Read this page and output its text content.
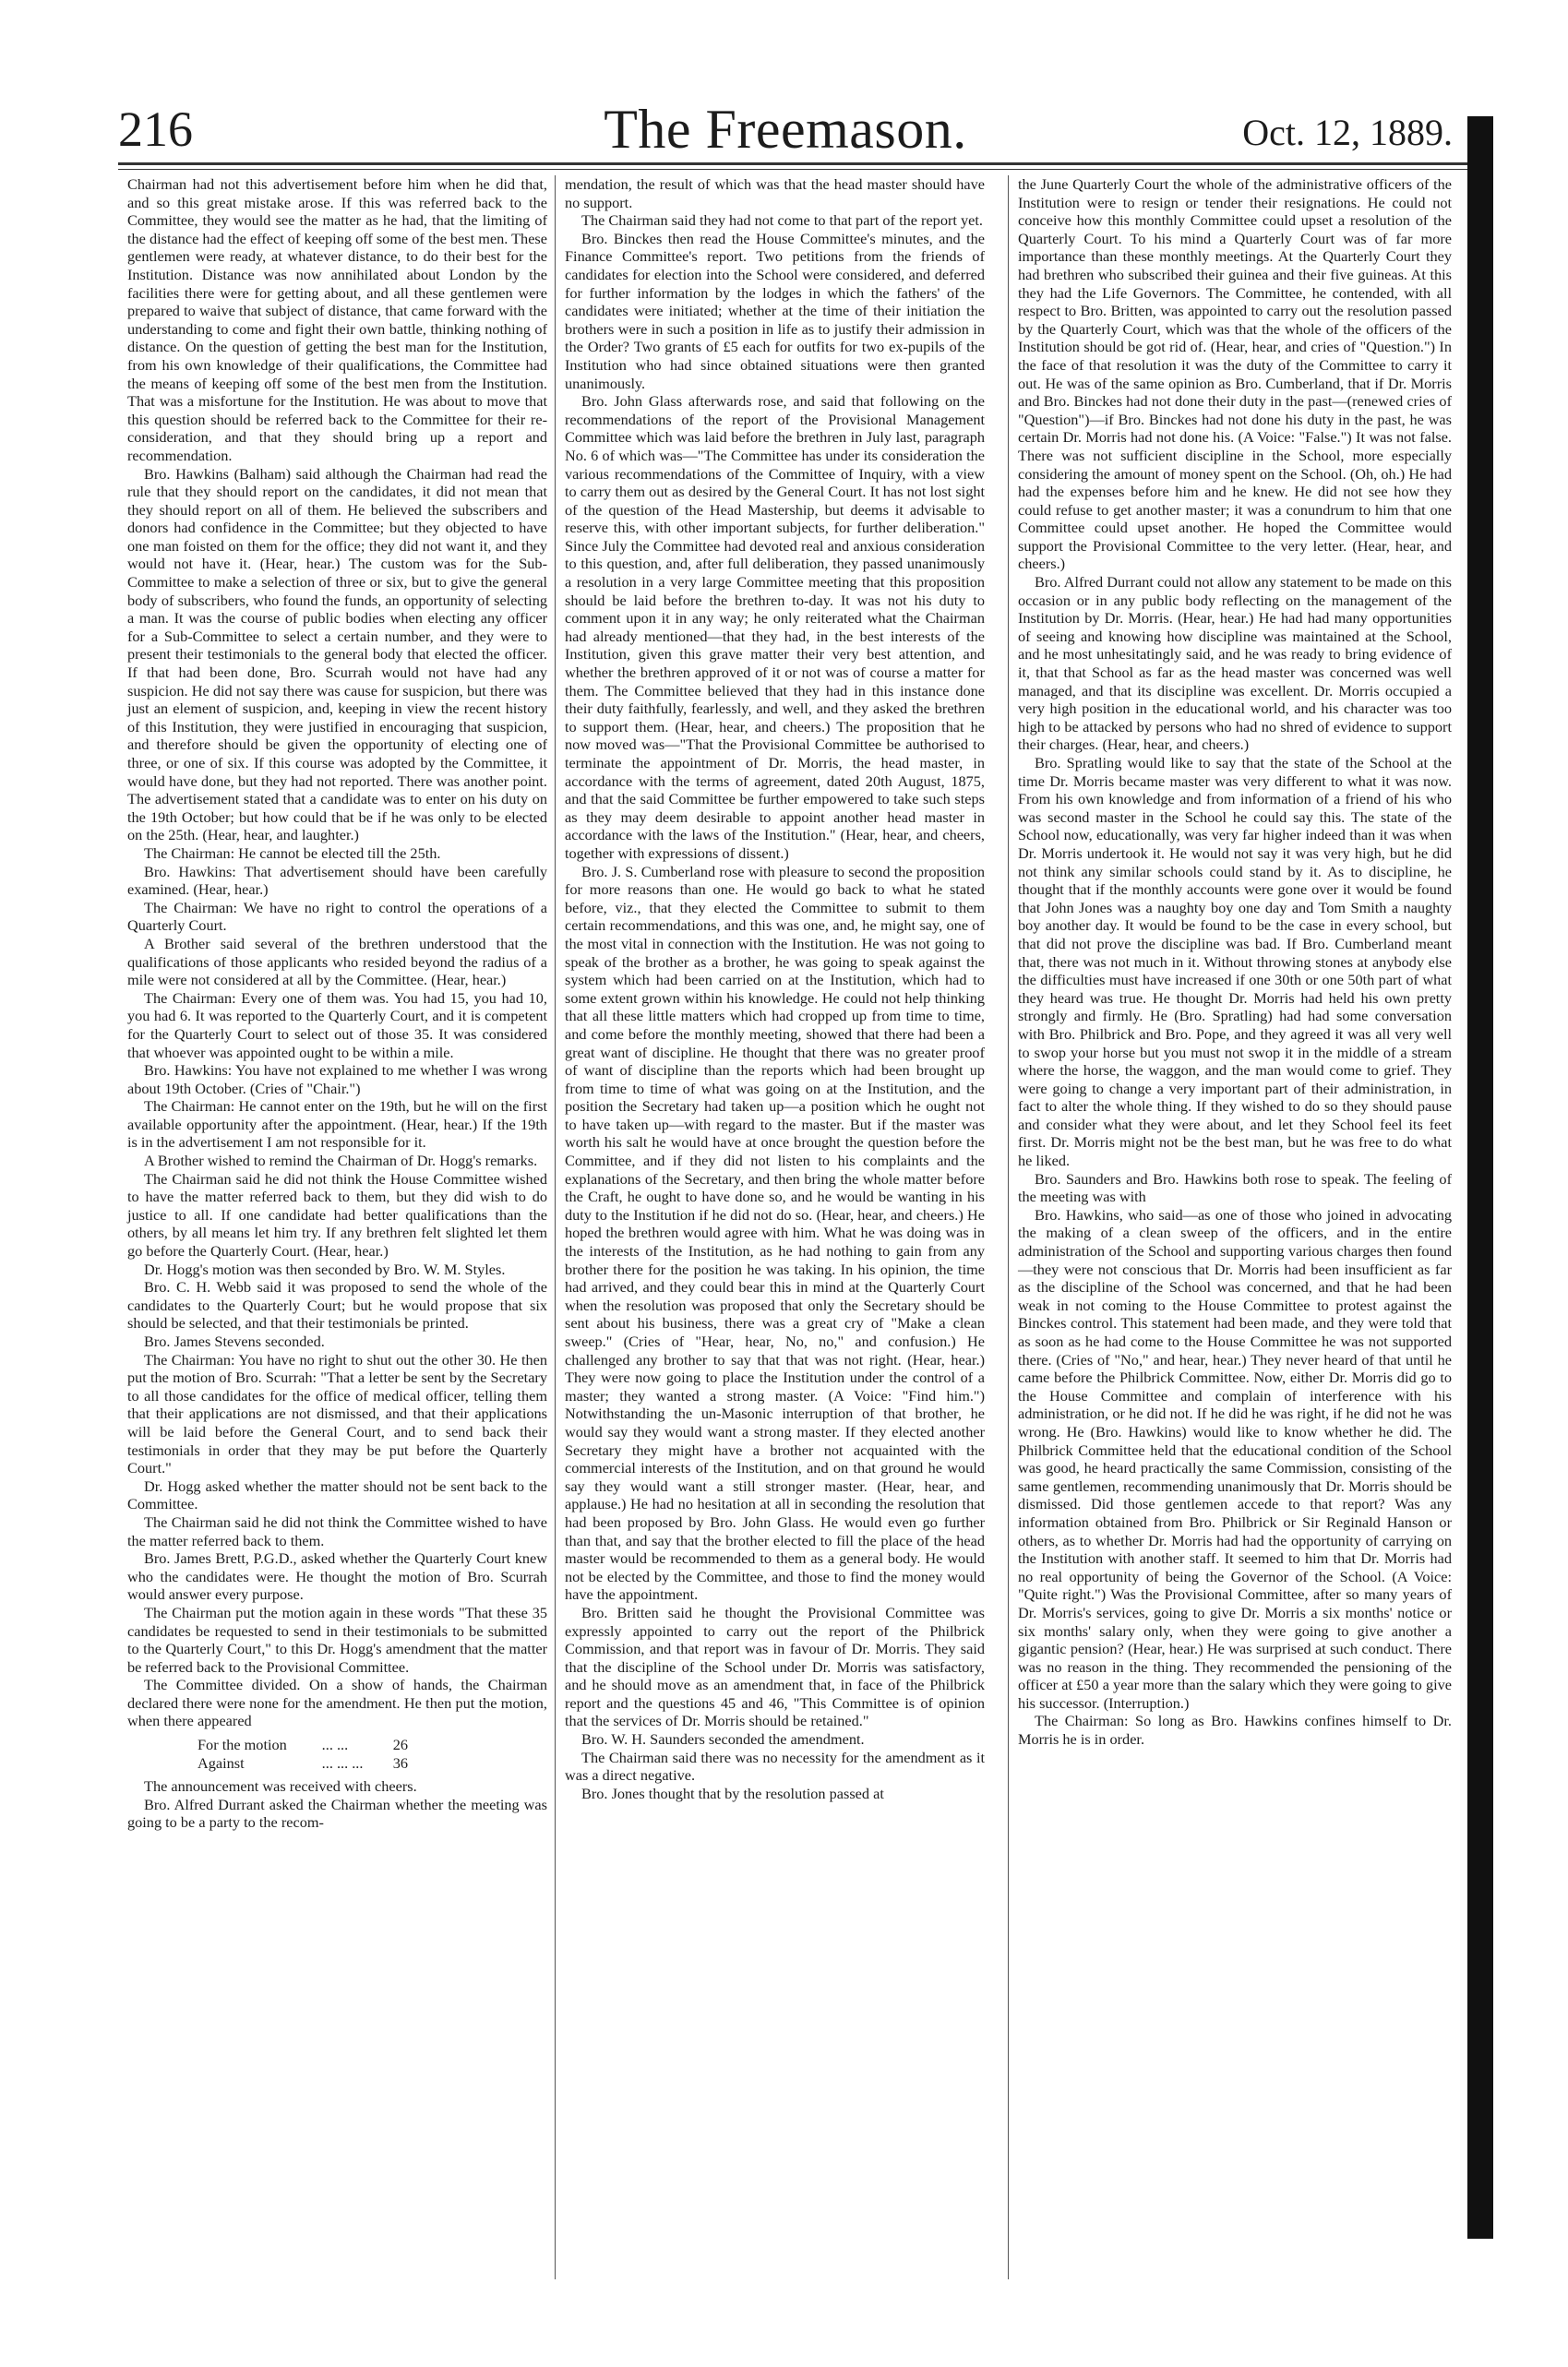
216	The Freemason.	Oct. 12, 1889.

Chairman had not this advertisement before him when he did that, and so this great mistake arose. If this was referred back to the Committee, they would see the matter as he had, that the limiting of the distance had the effect of keeping off some of the best men. These gentlemen were ready, at whatever distance, to do their best for the Institution. Distance was now annihilated about London by the facilities there were for getting about, and all these gentlemen were prepared to waive that subject of distance, that came forward with the understanding to come and fight their own battle, thinking nothing of distance. On the question of getting the best man for the Institution, from his own knowledge of their qualifications, the Committee had the means of keeping off some of the best men from the Institution. That was a misfortune for the Institution. He was about to move that this question should be referred back to the Committee for their re-consideration, and that they should bring up a report and recommendation.

Bro. Hawkins (Balham) said although the Chairman had read the rule that they should report on the candidates, it did not mean that they should report on all of them. He believed the subscribers and donors had confidence in the Committee; but they objected to have one man foisted on them for the office; they did not want it, and they would not have it. (Hear, hear.) The custom was for the Sub-Committee to make a selection of three or six, but to give the general body of subscribers, who found the funds, an opportunity of selecting a man. It was the course of public bodies when electing any officer for a Sub-Committee to select a certain number, and they were to present their testimonials to the general body that elected the officer. If that had been done, Bro. Scurrah would not have had any suspicion. He did not say there was cause for suspicion, but there was just an element of suspicion, and, keeping in view the recent history of this Institution, they were justified in encouraging that suspicion, and therefore should be given the opportunity of electing one of three, or one of six. If this course was adopted by the Committee, it would have done, but they had not reported. There was another point. The advertisement stated that a candidate was to enter on his duty on the 19th October; but how could that be if he was only to be elected on the 25th. (Hear, hear, and laughter.)

The Chairman: He cannot be elected till the 25th.

Bro. Hawkins: That advertisement should have been carefully examined. (Hear, hear.)

The Chairman: We have no right to control the operations of a Quarterly Court.

A Brother said several of the brethren understood that the qualifications of those applicants who resided beyond the radius of a mile were not considered at all by the Committee. (Hear, hear.)

The Chairman: Every one of them was. You had 15, you had 10, you had 6. It was reported to the Quarterly Court, and it is competent for the Quarterly Court to select out of those 35. It was considered that whoever was appointed ought to be within a mile.

Bro. Hawkins: You have not explained to me whether I was wrong about 19th October. (Cries of "Chair.")

The Chairman: He cannot enter on the 19th, but he will on the first available opportunity after the appointment. (Hear, hear.) If the 19th is in the advertisement I am not responsible for it.

A Brother wished to remind the Chairman of Dr. Hogg's remarks.

The Chairman said he did not think the House Committee wished to have the matter referred back to them, but they did wish to do justice to all. If one candidate had better qualifications than the others, by all means let him try. If any brethren felt slighted let them go before the Quarterly Court. (Hear, hear.)

Dr. Hogg's motion was then seconded by Bro. W. M. Styles.

Bro. C. H. Webb said it was proposed to send the whole of the candidates to the Quarterly Court; but he would propose that six should be selected, and that their testimonials be printed.

Bro. James Stevens seconded.

The Chairman: You have no right to shut out the other 30. He then put the motion of Bro. Scurrah: "That a letter be sent by the Secretary to all those candidates for the office of medical officer, telling them that their applications are not dismissed, and that their applications will be laid before the General Court, and to send back their testimonials in order that they may be put before the Quarterly Court."

Dr. Hogg asked whether the matter should not be sent back to the Committee.

The Chairman said he did not think the Committee wished to have the matter referred back to them.

Bro. James Brett, P.G.D., asked whether the Quarterly Court knew who the candidates were. He thought the motion of Bro. Scurrah would answer every purpose.

The Chairman put the motion again in these words "That these 35 candidates be requested to send in their testimonials to be submitted to the Quarterly Court," to this Dr. Hogg's amendment that the matter be referred back to the Provisional Committee.

The Committee divided. On a show of hands, the Chairman declared there were none for the amendment. He then put the motion, when there appeared

For the motion	... ...	26
Against	... ... ...	36

The announcement was received with cheers.

Bro. Alfred Durrant asked the Chairman whether the meeting was going to be a party to the recom-

mendation, the result of which was that the head master should have no support.

The Chairman said they had not come to that part of the report yet.

Bro. Binckes then read the House Committee's minutes, and the Finance Committee's report. Two petitions from the friends of candidates for election into the School were considered, and deferred for further information by the lodges in which the fathers' of the candidates were initiated; whether at the time of their initiation the brothers were in such a position in life as to justify their admission in the Order? Two grants of £5 each for outfits for two ex-pupils of the Institution who had since obtained situations were then granted unanimously.

Bro. John Glass afterwards rose, and said that following on the recommendations of the report of the Provisional Management Committee which was laid before the brethren in July last, paragraph No. 6 of which was—"The Committee has under its consideration the various recommendations of the Committee of Inquiry, with a view to carry them out as desired by the General Court. It has not lost sight of the question of the Head Mastership, but deems it advisable to reserve this, with other important subjects, for further deliberation." Since July the Committee had devoted real and anxious consideration to this question, and, after full deliberation, they passed unanimously a resolution in a very large Committee meeting that this proposition should be laid before the brethren to-day. It was not his duty to comment upon it in any way; he only reiterated what the Chairman had already mentioned—that they had, in the best interests of the Institution, given this grave matter their very best attention, and whether the brethren approved of it or not was of course a matter for them. The Committee believed that they had in this instance done their duty faithfully, fearlessly, and well, and they asked the brethren to support them. (Hear, hear, and cheers.) The proposition that he now moved was—"That the Provisional Committee be authorised to terminate the appointment of Dr. Morris, the head master, in accordance with the terms of agreement, dated 20th August, 1875, and that the said Committee be further empowered to take such steps as they may deem desirable to appoint another head master in accordance with the laws of the Institution." (Hear, hear, and cheers, together with expressions of dissent.)

Bro. J. S. Cumberland rose with pleasure to second the proposition for more reasons than one. He would go back to what he stated before, viz., that they elected the Committee to submit to them certain recommendations, and this was one, and, he might say, one of the most vital in connection with the Institution. He was not going to speak of the brother as a brother, he was going to speak against the system which had been carried on at the Institution, which had to some extent grown within his knowledge. He could not help thinking that all these little matters which had cropped up from time to time, and come before the monthly meeting, showed that there had been a great want of discipline. He thought that there was no greater proof of want of discipline than the reports which had been brought up from time to time of what was going on at the Institution, and the position the Secretary had taken up—a position which he ought not to have taken up—with regard to the master. But if the master was worth his salt he would have at once brought the question before the Committee, and if they did not listen to his complaints and the explanations of the Secretary, and then bring the whole matter before the Craft, he ought to have done so, and he would be wanting in his duty to the Institution if he did not do so. (Hear, hear, and cheers.) He hoped the brethren would agree with him. What he was doing was in the interests of the Institution, as he had nothing to gain from any brother there for the position he was taking. In his opinion, the time had arrived, and they could bear this in mind at the Quarterly Court when the resolution was proposed that only the Secretary should be sent about his business, there was a great cry of "Make a clean sweep." (Cries of "Hear, hear, No, no," and confusion.) He challenged any brother to say that that was not right. (Hear, hear.) They were now going to place the Institution under the control of a master; they wanted a strong master. (A Voice: "Find him.") Notwithstanding the un-Masonic interruption of that brother, he would say they would want a strong master. If they elected another Secretary they might have a brother not acquainted with the commercial interests of the Institution, and on that ground he would say they would want a still stronger master. (Hear, hear, and applause.) He had no hesitation at all in seconding the resolution that had been proposed by Bro. John Glass. He would even go further than that, and say that the brother elected to fill the place of the head master would be recommended to them as a general body. He would not be elected by the Committee, and those to find the money would have the appointment.

Bro. Britten said he thought the Provisional Committee was expressly appointed to carry out the report of the Philbrick Commission, and that report was in favour of Dr. Morris. They said that the discipline of the School under Dr. Morris was satisfactory, and he should move as an amendment that, in face of the Philbrick report and the questions 45 and 46, "This Committee is of opinion that the services of Dr. Morris should be retained."

Bro. W. H. Saunders seconded the amendment.

The Chairman said there was no necessity for the amendment as it was a direct negative.

Bro. Jones thought that by the resolution passed at

the June Quarterly Court the whole of the administrative officers of the Institution were to resign or tender their resignations. He could not conceive how this monthly Committee could upset a resolution of the Quarterly Court. To his mind a Quarterly Court was of far more importance than these monthly meetings. At the Quarterly Court they had brethren who subscribed their guinea and their five guineas. At this they had the Life Governors. The Committee, he contended, with all respect to Bro. Britten, was appointed to carry out the resolution passed by the Quarterly Court, which was that the whole of the officers of the Institution should be got rid of. (Hear, hear, and cries of "Question.") In the face of that resolution it was the duty of the Committee to carry it out. He was of the same opinion as Bro. Cumberland, that if Dr. Morris and Bro. Binckes had not done their duty in the past—(renewed cries of "Question")—if Bro. Binckes had not done his duty in the past, he was certain Dr. Morris had not done his. (A Voice: "False.") It was not false. There was not sufficient discipline in the School, more especially considering the amount of money spent on the School. (Oh, oh.) He had had the expenses before him and he knew. He did not see how they could refuse to get another master; it was a conundrum to him that one Committee could upset another. He hoped the Committee would support the Provisional Committee to the very letter. (Hear, hear, and cheers.)

Bro. Alfred Durrant could not allow any statement to be made on this occasion or in any public body reflecting on the management of the Institution by Dr. Morris. (Hear, hear.) He had had many opportunities of seeing and knowing how discipline was maintained at the School, and he most unhesitatingly said, and he was ready to bring evidence of it, that that School as far as the head master was concerned was well managed, and that its discipline was excellent. Dr. Morris occupied a very high position in the educational world, and his character was too high to be attacked by persons who had no shred of evidence to support their charges. (Hear, hear, and cheers.)

Bro. Spratling would like to say that the state of the School at the time Dr. Morris became master was very different to what it was now. From his own knowledge and from information of a friend of his who was second master in the School he could say this. The state of the School now, educationally, was very far higher indeed than it was when Dr. Morris undertook it. He would not say it was very high, but he did not think any similar schools could stand by it. As to discipline, he thought that if the monthly accounts were gone over it would be found that John Jones was a naughty boy one day and Tom Smith a naughty boy another day. It would be found to be the case in every school, but that did not prove the discipline was bad. If Bro. Cumberland meant that, there was not much in it. Without throwing stones at anybody else the difficulties must have increased if one 30th or one 50th part of what they heard was true. He thought Dr. Morris had held his own pretty strongly and firmly. He (Bro. Spratling) had had some conversation with Bro. Philbrick and Bro. Pope, and they agreed it was all very well to swop your horse but you must not swop it in the middle of a stream where the horse, the waggon, and the man would come to grief. They were going to change a very important part of their administration, in fact to alter the whole thing. If they wished to do so they should pause and consider what they were about, and let they School feel its feet first. Dr. Morris might not be the best man, but he was free to do what he liked.

Bro. Saunders and Bro. Hawkins both rose to speak. The feeling of the meeting was with

Bro. Hawkins, who said—as one of those who joined in advocating the making of a clean sweep of the officers, and in the entire administration of the School and supporting various charges then found—they were not conscious that Dr. Morris had been insufficient as far as the discipline of the School was concerned, and that he had been weak in not coming to the House Committee to protest against the Binckes control. This statement had been made, and they were told that as soon as he had come to the House Committee he was not supported there. (Cries of "No," and hear, hear.) They never heard of that until he came before the Philbrick Committee. Now, either Dr. Morris did go to the House Committee and complain of interference with his administration, or he did not. If he did he was right, if he did not he was wrong. He (Bro. Hawkins) would like to know whether he did. The Philbrick Committee held that the educational condition of the School was good, he heard practically the same Commission, consisting of the same gentlemen, recommending unanimously that Dr. Morris should be dismissed. Did those gentlemen accede to that report? Was any information obtained from Bro. Philbrick or Sir Reginald Hanson or others, as to whether Dr. Morris had had the opportunity of carrying on the Institution with another staff. It seemed to him that Dr. Morris had no real opportunity of being the Governor of the School. (A Voice: "Quite right.") Was the Provisional Committee, after so many years of Dr. Morris's services, going to give Dr. Morris a six months' notice or six months' salary only, when they were going to give another a gigantic pension? (Hear, hear.) He was surprised at such conduct. There was no reason in the thing. They recommended the pensioning of the officer at £50 a year more than the salary which they were going to give his successor. (Interruption.)

The Chairman: So long as Bro. Hawkins confines himself to Dr. Morris he is in order.
